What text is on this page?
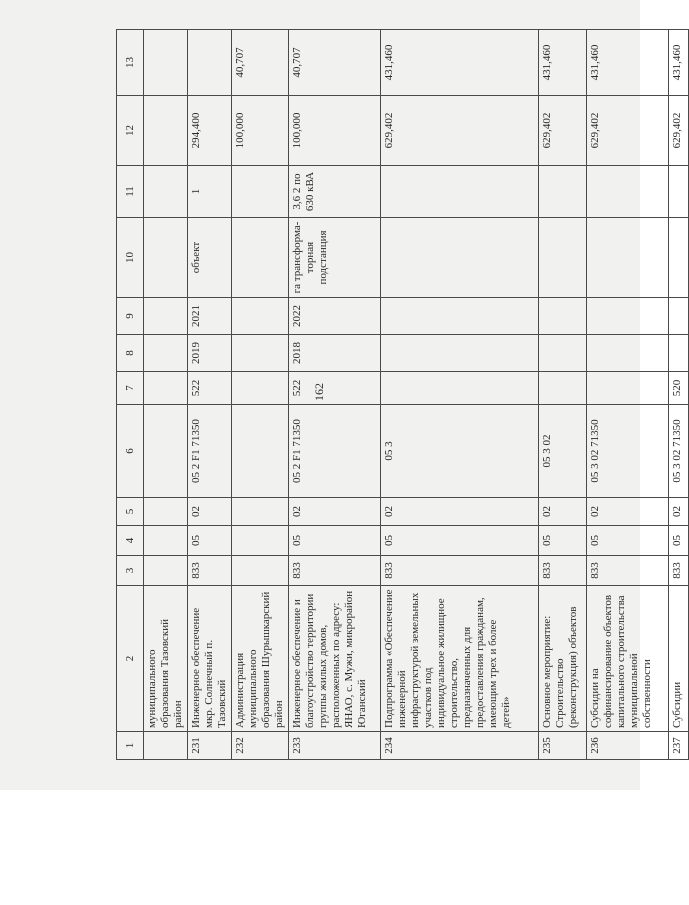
162
1	2	3	4	5	6	7	8	9	10	11	12	13
	муниципального образования Тазовский район											
231	Инженерное обеспечение мкр. Солнечный п. Тазовский	833	05	02	05 2 F1 71350	522	2019	2021	объект	1	294,400	
232	Администрация муниципального образования Шурышкарский район										100,000	40,707
233	Инженерное обеспечение и благоустройство территории группы жилых домов, расположенных по адресу: ЯНАО, с. Мужи, микрорайон Юганский	833	05	02	05 2 F1 71350	522	2018	2022	га трансформа-торная подстанция	3,6 2 по 630 кВА	100,000	40,707
234	Подпрограмма «Обеспечение инженерной инфраструктурой земельных участков под индивидуальное жилищное строительство, предназначенных для предоставления гражданам, имеющим трех и более детей»	833	05	02	05 3						629,402	431,460
235	Основное мероприятие: Строительство (реконструкция) объектов	833	05	02	05 3 02						629,402	431,460
236	Субсидии на софинансирование объектов капитального строительства муниципальной собственности	833	05	02	05 3 02 71350						629,402	431,460
237	Субсидии	833	05	02	05 3 02 71350	520					629,402	431,460
